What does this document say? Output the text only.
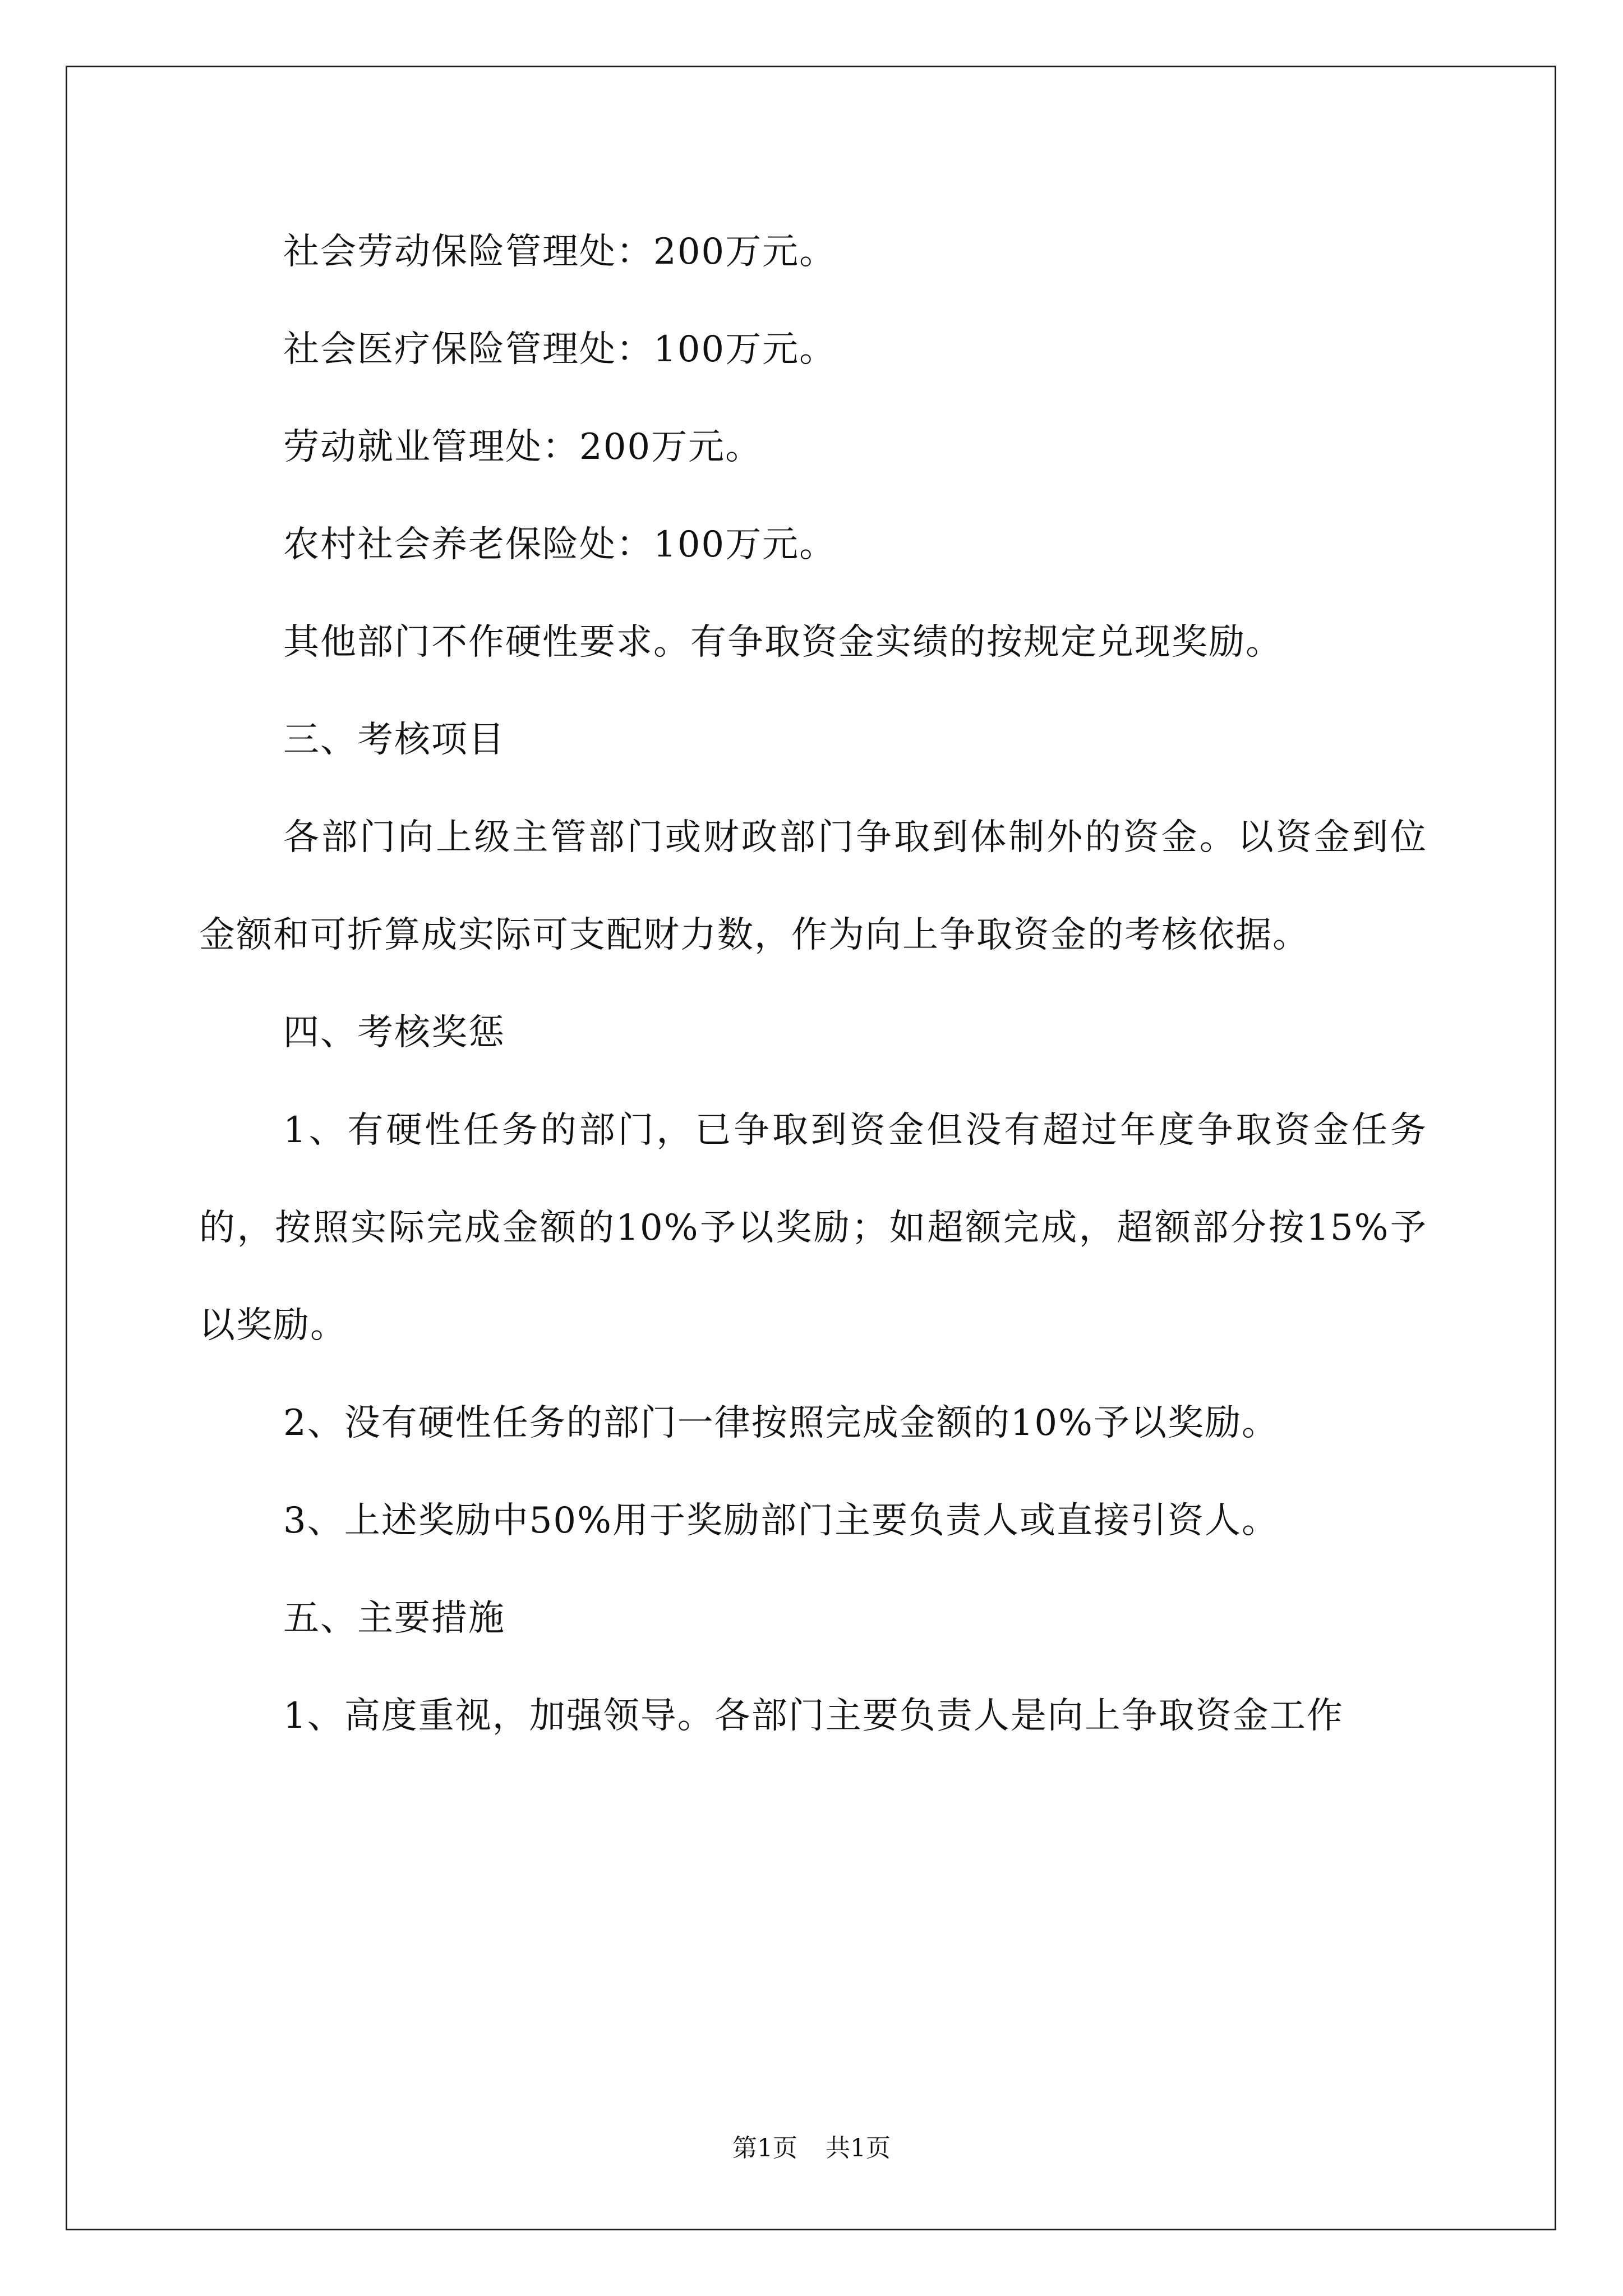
社会劳动保险管理处：200万元。

社会医疗保险管理处：100万元。

劳动就业管理处：200万元。

农村社会养老保险处：100万元。

其他部门不作硬性要求。有争取资金实绩的按规定兑现奖励。

三、考核项目

各部门向上级主管部门或财政部门争取到体制外的资金。以资金到位金额和可折算成实际可支配财力数，作为向上争取资金的考核依据。

四、考核奖惩

1、有硬性任务的部门，已争取到资金但没有超过年度争取资金任务的，按照实际完成金额的10%予以奖励；如超额完成，超额部分按15%予以奖励。

2、没有硬性任务的部门一律按照完成金额的10%予以奖励。

3、上述奖励中50%用于奖励部门主要负责人或直接引资人。

五、主要措施

1、高度重视，加强领导。各部门主要负责人是向上争取资金工作

第1页 共1页
